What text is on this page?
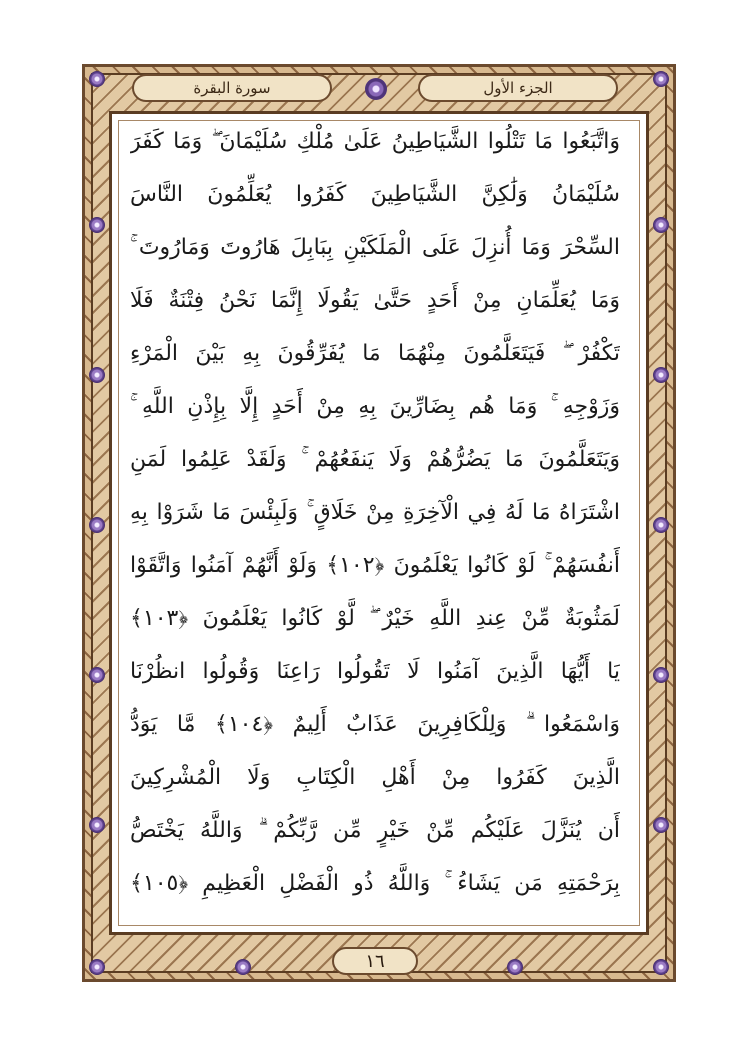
سورة البقرة	الجزء الأول
وَاتَّبَعُوا مَا تَتْلُوا الشَّيَاطِينُ عَلَىٰ مُلْكِ سُلَيْمَانَ ۖ وَمَا كَفَرَ
سُلَيْمَانُ وَلَٰكِنَّ الشَّيَاطِينَ كَفَرُوا يُعَلِّمُونَ النَّاسَ
السِّحْرَ وَمَا أُنزِلَ عَلَى الْمَلَكَيْنِ بِبَابِلَ هَارُوتَ وَمَارُوتَ ۚ
وَمَا يُعَلِّمَانِ مِنْ أَحَدٍ حَتَّىٰ يَقُولَا إِنَّمَا نَحْنُ فِتْنَةٌ فَلَا
تَكْفُرْ ۖ فَيَتَعَلَّمُونَ مِنْهُمَا مَا يُفَرِّقُونَ بِهِ بَيْنَ الْمَرْءِ
وَزَوْجِهِ ۚ وَمَا هُم بِضَارِّينَ بِهِ مِنْ أَحَدٍ إِلَّا بِإِذْنِ اللَّهِ ۚ
وَيَتَعَلَّمُونَ مَا يَضُرُّهُمْ وَلَا يَنفَعُهُمْ ۚ وَلَقَدْ عَلِمُوا لَمَنِ
اشْتَرَاهُ مَا لَهُ فِي الْآخِرَةِ مِنْ خَلَاقٍ ۚ وَلَبِئْسَ مَا شَرَوْا بِهِ
أَنفُسَهُمْ ۚ لَوْ كَانُوا يَعْلَمُونَ ﴿١٠٢﴾ وَلَوْ أَنَّهُمْ آمَنُوا وَاتَّقَوْا
لَمَثُوبَةٌ مِّنْ عِندِ اللَّهِ خَيْرٌ ۖ لَّوْ كَانُوا يَعْلَمُونَ ﴿١٠٣﴾
يَا أَيُّهَا الَّذِينَ آمَنُوا لَا تَقُولُوا رَاعِنَا وَقُولُوا انظُرْنَا
وَاسْمَعُوا ۗ وَلِلْكَافِرِينَ عَذَابٌ أَلِيمٌ ﴿١٠٤﴾ مَّا يَوَدُّ
الَّذِينَ كَفَرُوا مِنْ أَهْلِ الْكِتَابِ وَلَا الْمُشْرِكِينَ
أَن يُنَزَّلَ عَلَيْكُم مِّنْ خَيْرٍ مِّن رَّبِّكُمْ ۗ وَاللَّهُ يَخْتَصُّ
بِرَحْمَتِهِ مَن يَشَاءُ ۚ وَاللَّهُ ذُو الْفَضْلِ الْعَظِيمِ ﴿١٠٥﴾
١٦
